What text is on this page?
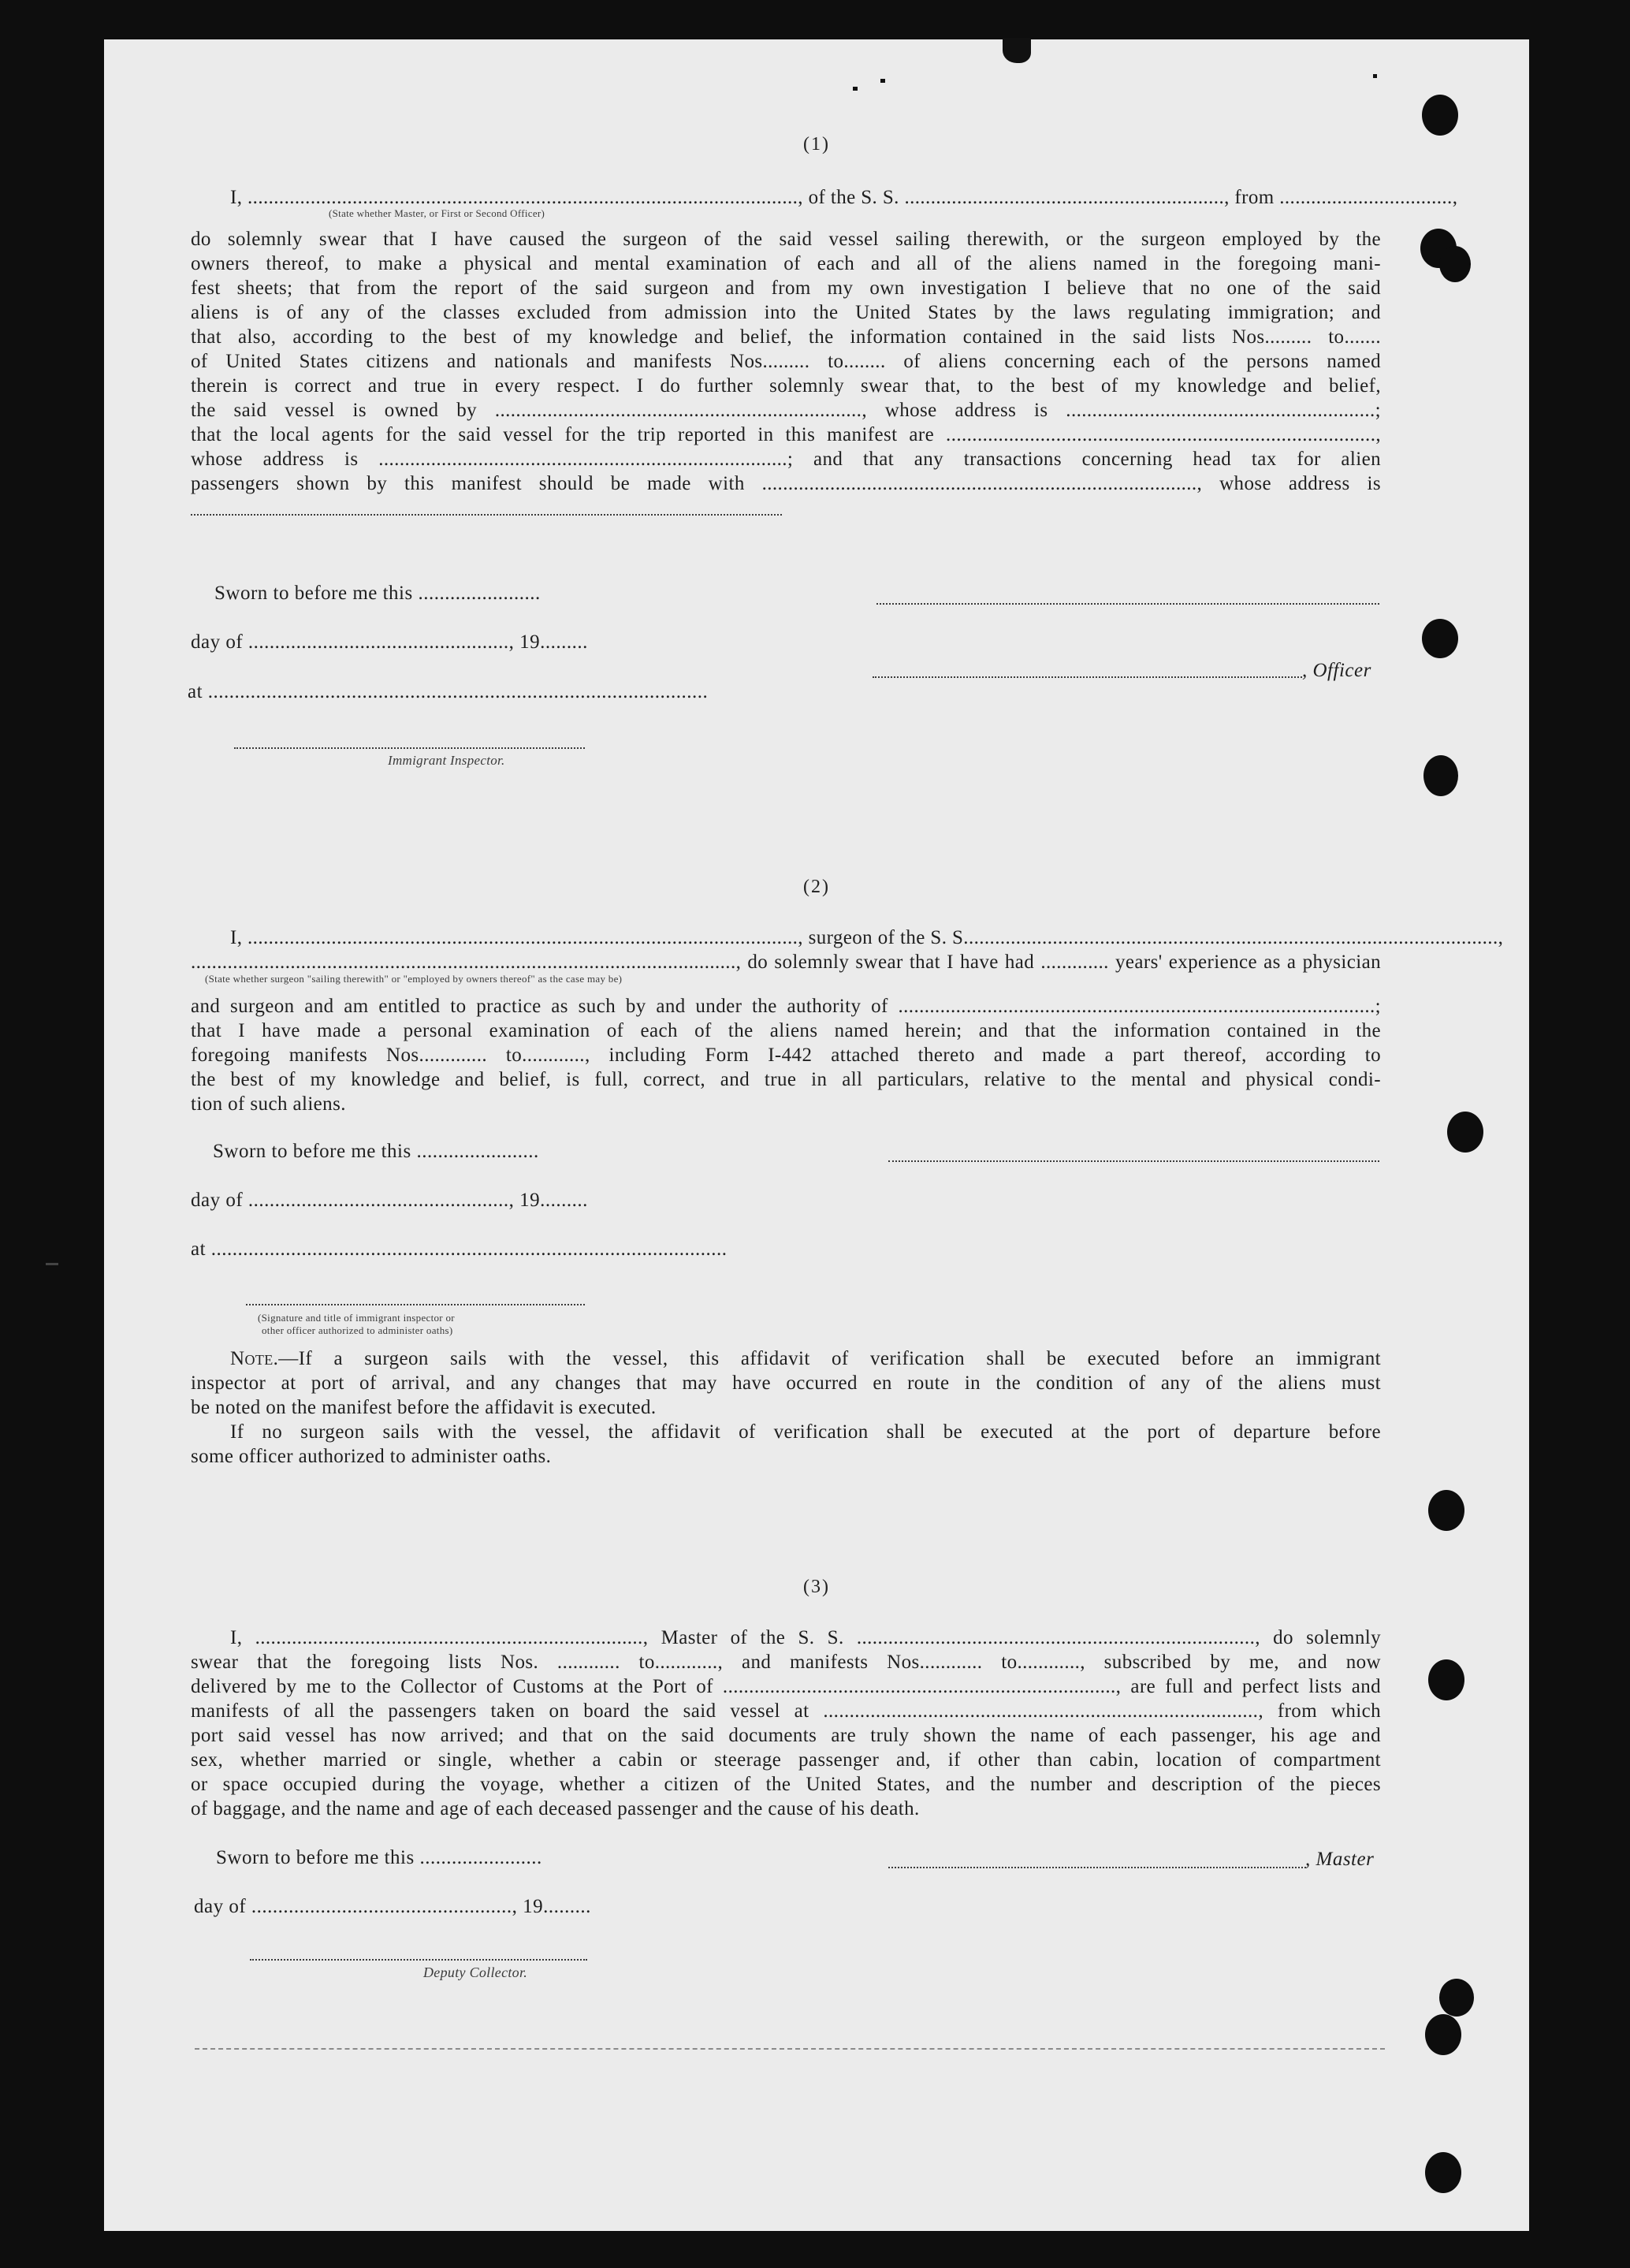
(1)
I, ........................................................................................................., of the S. S. ............................................................., from .................................,
(State whether Master, or First or Second Officer)
do solemnly swear that I have caused the surgeon of the said vessel sailing therewith, or the surgeon employed by the
owners thereof, to make a physical and mental examination of each and all of the aliens named in the foregoing mani-
fest sheets; that from the report of the said surgeon and from my own investigation I believe that no one of the said
aliens is of any of the classes excluded from admission into the United States by the laws regulating immigration; and
that also, according to the best of my knowledge and belief, the information contained in the said lists Nos......... to.......
of United States citizens and nationals and manifests Nos......... to........ of aliens concerning each of the persons named
therein is correct and true in every respect. I do further solemnly swear that, to the best of my knowledge and belief,
the said vessel is owned by ......................................................................, whose address is ...........................................................;
that the local agents for the said vessel for the trip reported in this manifest are ..................................................................................,
whose address is ..............................................................................; and that any transactions concerning head tax for alien
passengers shown by this manifest should be made with ..................................................................................., whose address is
Sworn to before me this .......................
day of ................................................., 19.........
, Officer
at ..............................................................................................
Immigrant Inspector.
(2)
I, ........................................................................................................., surgeon of the S. S......................................................................................................,
........................................................................................................, do solemnly swear that I have had ............. years' experience as a physician
(State whether surgeon "sailing therewith" or "employed by owners thereof" as the case may be)
and surgeon and am entitled to practice as such by and under the authority of ...........................................................................................;
that I have made a personal examination of each of the aliens named herein; and that the information contained in the
foregoing manifests Nos............. to............, including Form I-442 attached thereto and made a part thereof, according to
the best of my knowledge and belief, is full, correct, and true in all particulars, relative to the mental and physical condi-
tion of such aliens.
Sworn to before me this .......................
day of ................................................., 19.........
at .................................................................................................
(Signature and title of immigrant inspector or
other officer authorized to administer oaths)
Note.—If a surgeon sails with the vessel, this affidavit of verification shall be executed before an immigrant
inspector at port of arrival, and any changes that may have occurred en route in the condition of any of the aliens must
be noted on the manifest before the affidavit is executed.
If no surgeon sails with the vessel, the affidavit of verification shall be executed at the port of departure before
some officer authorized to administer oaths.
(3)
I, .........................................................................., Master of the S. S. ............................................................................, do solemnly
swear that the foregoing lists Nos. ............ to............, and manifests Nos............ to............, subscribed by me, and now
delivered by me to the Collector of Customs at the Port of ..........................................................................., are full and perfect lists and
manifests of all the passengers taken on board the said vessel at ..................................................................................., from which
port said vessel has now arrived; and that on the said documents are truly shown the name of each passenger, his age and
sex, whether married or single, whether a cabin or steerage passenger and, if other than cabin, location of compartment
or space occupied during the voyage, whether a citizen of the United States, and the number and description of the pieces
of baggage, and the name and age of each deceased passenger and the cause of his death.
Sworn to before me this .......................	, Master
day of ................................................., 19.........
Deputy Collector.
